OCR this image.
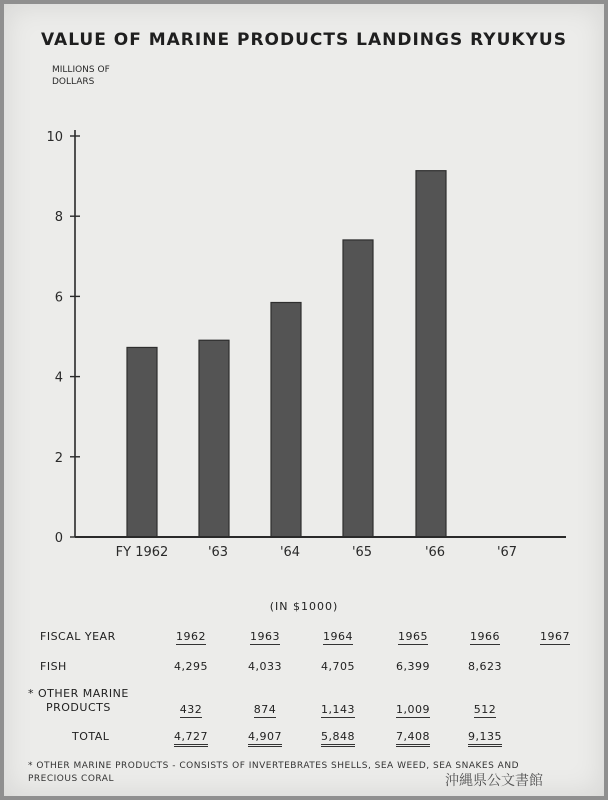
VALUE OF MARINE PRODUCTS LANDINGS RYUKYUS
MILLIONS OF DOLLARS
0
2
4
6
8
10
FY 1962	'63	'64	'65	'66	'67
(IN $1000)
FISCAL YEAR	1962	1963	1964	1965	1966	1967
FISH	4,295	4,033	4,705	6,399	8,623
* OTHER MARINE
PRODUCTS	432	874	1,143	1,009	512
TOTAL	4,727	4,907	5,848	7,408	9,135
* OTHER MARINE PRODUCTS - CONSISTS OF INVERTEBRATES SHELLS, SEA WEED, SEA SNAKES AND PRECIOUS CORAL	沖縄県公文書館
